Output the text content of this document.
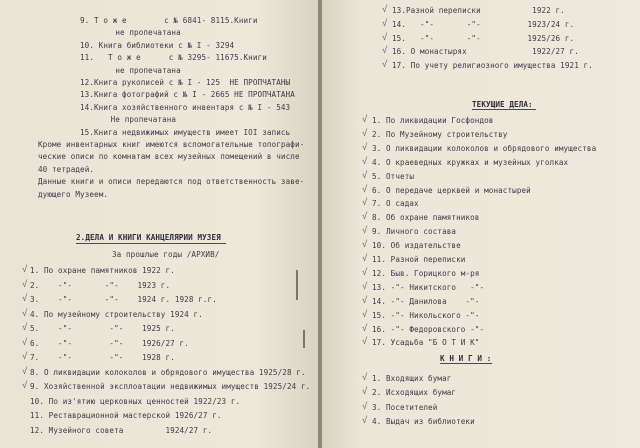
9. Т о ж е        с № 6841- 8115.Книги
не пропечатана
10. Книга библиотеки с № I - 3294
11.   Т о ж е      с № 3295- 11675.Книги
не пропечатана
12.Книга рукописей с № I - 125  НЕ ПРОПЧАТАНЫ
13.Книга фотографий с № I - 2665 НЕ ПРОПЧАТАНА
14.Книга хозяйственного инвентаря с № I - 543
Не пропечатана
15.Книга недвижимых имуществ имеет IOI запись
Кроме инвентарных книг имеются вспомогательные топографи-
ческие описи по комнатам всех музейных помещений в числе
40 тетрадей.
Данные книги и описи передаются под ответственность заве-
дующего Музеем.
2.ДЕЛА И КНИГИ КАНЦЕЛЯРИИ МУЗЕЯ
За прошлые годы /АРХИВ/
1. По охране памятников 1922 г.
√
2.    -"-       -"-    1923 г.
√
3.    -"-       -"-    1924 г. 1928 г.г.
√
4. По музейному строительству 1924 г.
√
5.    -"-        -"-    1925 г.
√
6.    -"-        -"-    1926/27 г.
√
7.    -"-        -"-    1928 г.
√
8. О ликвидации колоколов и обрядового имущества 1925/28 г.
√
9. Хозяйственной эксплоатации недвижимых имуществ 1925/24 г.
√
10. По из'ятию церковных ценностей 1922/23 г.
11. Реставрационной мастерской 1926/27 г.
12. Музейного совета         1924/27 г.
13.Разной переписки           1922 г.
√
14.   -"-       -"-          1923/24 г.
√
15.   -"-       -"-          1925/26 г.
√
16. О монастырях              1922/27 г.
√
17. По учету религиозного имущества 1921 г.
√
ТЕКУЩИЕ ДЕЛА:
1. По ликвидации Госфондов
√
2. По Музейному строительству
√
3. О ликвидации колоколов и обрядового имущества
√
4. О краеведных кружках и музейных уголках
√
5. Отчеты
√
6. О передаче церквей и монастырей
√
7. О садах
√
8. Об охране памятников
√
9. Личного состава
√
10. Об издательстве
√
11. Разной переписки
√
12. Быв. Горицкого м-ря
√
13. -"- Никитского   -"-
√
14. -"- Даниловa    -"-
√
15. -"- Никольского -"-
√
16. -"- Федоровского -"-
√
17. Усадьба "Б О Т И К"
√
К Н И Г И :
1. Входящих бумаг
√
2. Исходящих бумаг
√
3. Посетителей
√
4. Выдач из библиотеки
√
